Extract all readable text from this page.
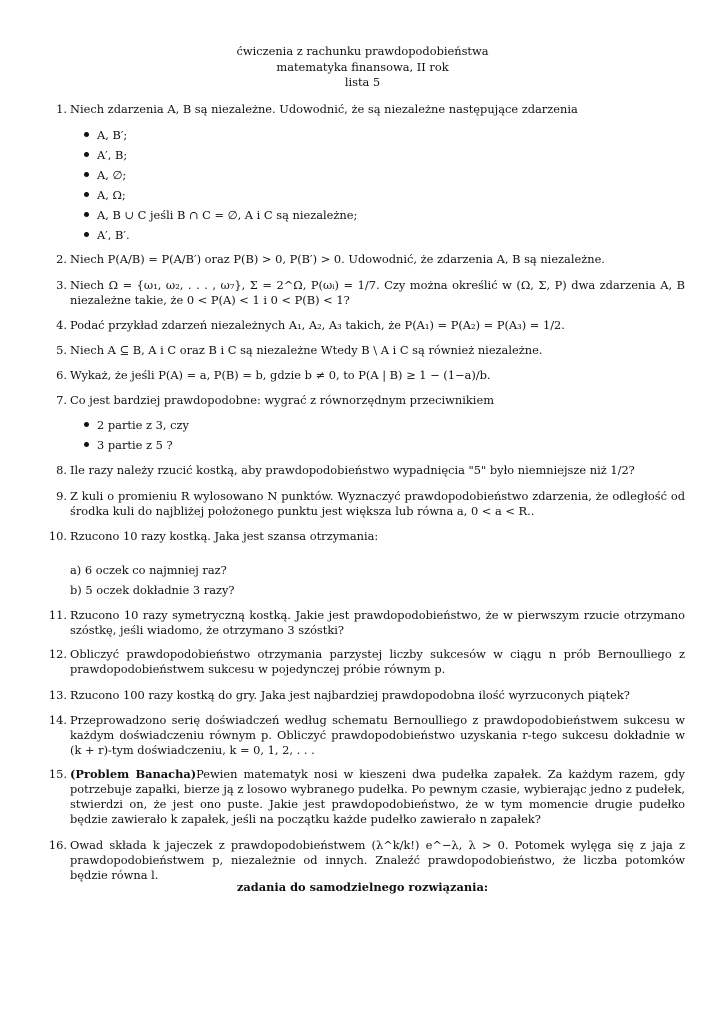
ćwiczenia z rachunku prawdopodobieństwa
matematyka finansowa, II rok
lista 5
1. Niech zdarzenia A, B są niezależne. Udowodnić, że są niezależne następujące zdarzenia
A, B′;
A′, B;
A, ∅;
A, Ω;
A, B ∪ C jeśli B ∩ C = ∅, A i C są niezależne;
A′, B′.
2. Niech P(A/B) = P(A/B′) oraz P(B) > 0, P(B′) > 0. Udowodnić, że zdarzenia A, B są niezależne.
3. Niech Ω = {ω₁, ω₂, . . . , ω₇}, Σ = 2^Ω, P(ωᵢ) = 1/7. Czy można określić w (Ω, Σ, P) dwa zdarzenia A, B niezależne takie, że 0 < P(A) < 1 i 0 < P(B) < 1?
4. Podać przykład zdarzeń niezależnych A₁, A₂, A₃ takich, że P(A₁) = P(A₂) = P(A₃) = 1/2.
5. Niech A ⊆ B, A i C oraz B i C są niezależne Wtedy B \ A i C są również niezależne.
6. Wykaż, że jeśli P(A) = a, P(B) = b, gdzie b ≠ 0, to P(A | B) ≥ 1 − (1−a)/b.
7. Co jest bardziej prawdopodobne: wygrać z równorzędnym przeciwnikiem
2 partie z 3, czy
3 partie z 5 ?
8. Ile razy należy rzucić kostką, aby prawdopodobieństwo wypadnięcia "5" było niemniejsze niż 1/2?
9. Z kuli o promieniu R wylosowano N punktów. Wyznaczyć prawdopodobieństwo zdarzenia, że odległość od środka kuli do najbliżej położonego punktu jest większa lub równa a, 0 < a < R..
10. Rzucono 10 razy kostką. Jaka jest szansa otrzymania:
a) 6 oczek co najmniej raz?
b) 5 oczek dokładnie 3 razy?
11. Rzucono 10 razy symetryczną kostką. Jakie jest prawdopodobieństwo, że w pierwszym rzucie otrzymano szóstkę, jeśli wiadomo, że otrzymano 3 szóstki?
12. Obliczyć prawdopodobieństwo otrzymania parzystej liczby sukcesów w ciągu n prób Bernoulliego z prawdopodobieństwem sukcesu w pojedynczej próbie równym p.
13. Rzucono 100 razy kostką do gry. Jaka jest najbardziej prawdopodobna ilość wyrzuconych piątek?
14. Przeprowadzono serię doświadczeń według schematu Bernoulliego z prawdopodobieństwem sukcesu w każdym doświadczeniu równym p. Obliczyć prawdopodobieństwo uzyskania r-tego sukcesu dokładnie w (k + r)-tym doświadczeniu, k = 0, 1, 2, . . .
15. (Problem Banacha)Pewien matematyk nosi w kieszeni dwa pudełka zapałek. Za każdym razem, gdy potrzebuje zapałki, bierze ją z losowo wybranego pudełka. Po pewnym czasie, wybierając jedno z pudełek, stwierdzi on, że jest ono puste. Jakie jest prawdopodobieństwo, że w tym momencie drugie pudełko będzie zawierało k zapałek, jeśli na początku każde pudełko zawierało n zapałek?
16. Owad składa k jajeczek z prawdopodobieństwem (λ^k/k!) e^−λ, λ > 0. Potomek wylęga się z jaja z prawdopodobieństwem p, niezależnie od innych. Znaleźć prawdopodobieństwo, że liczba potomków będzie równa l.
zadania do samodzielnego rozwiązania:
